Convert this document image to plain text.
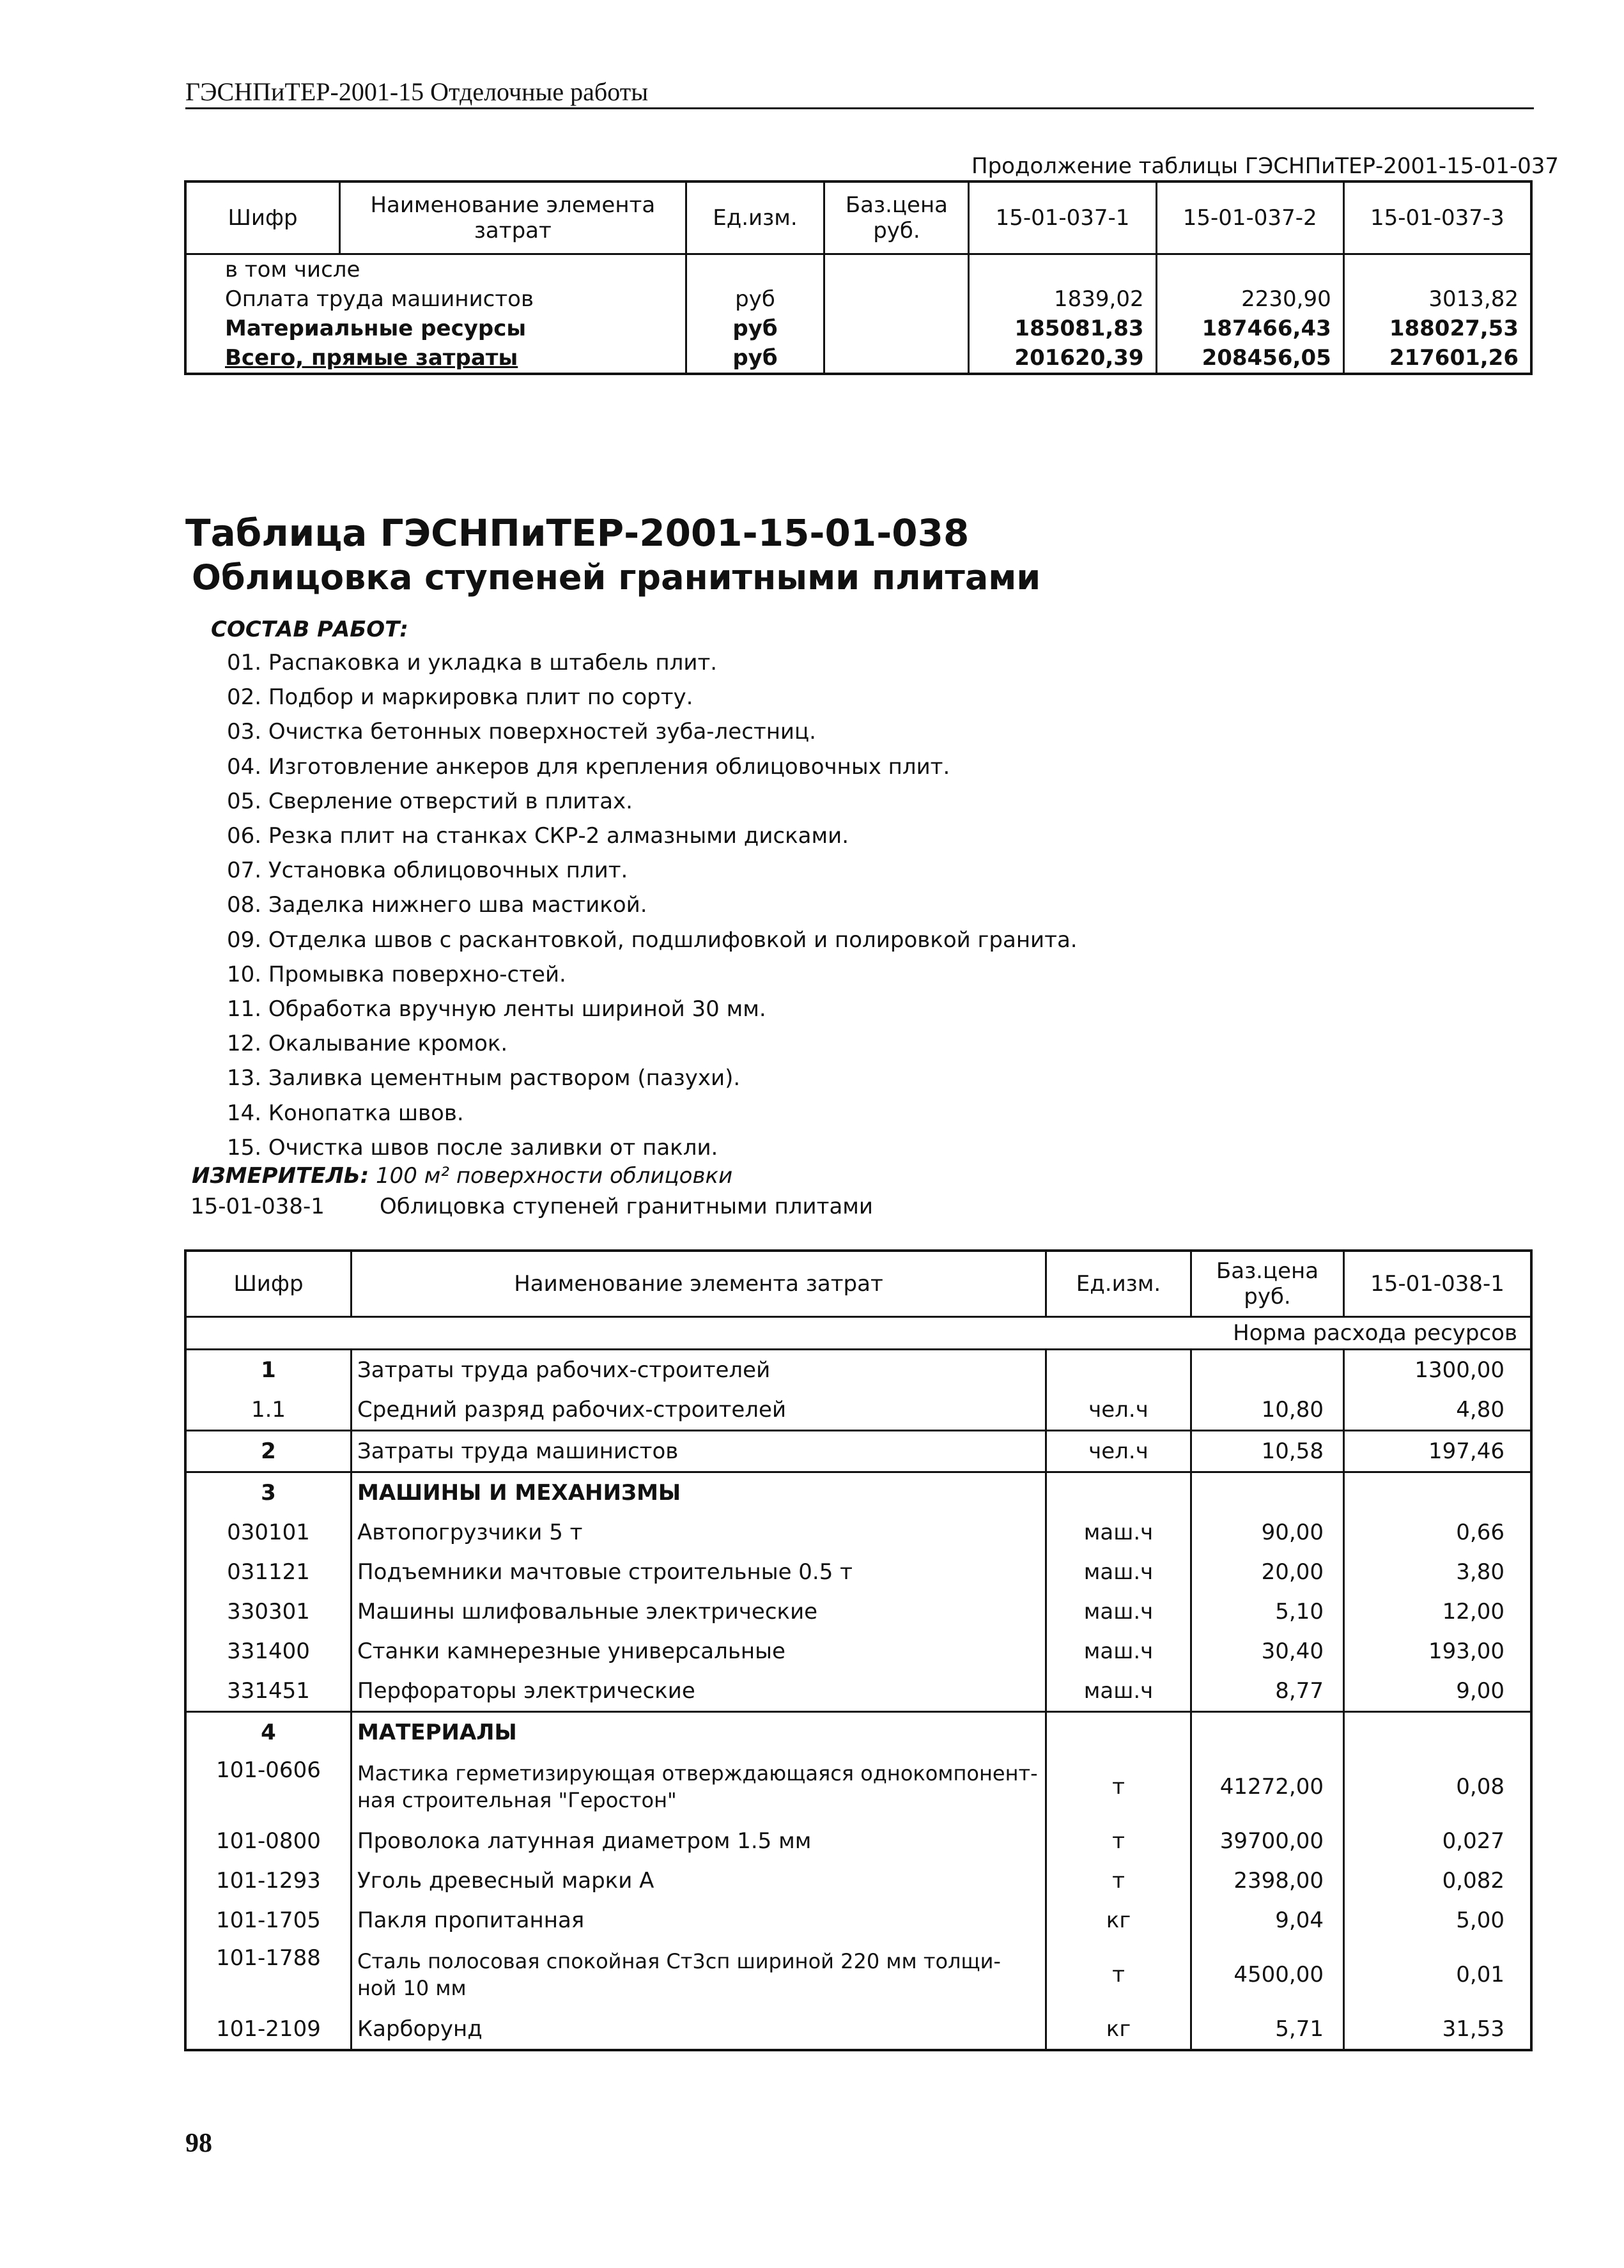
ГЭСНПиТЕР-2001-15 Отделочные работы
Продолжение таблицы ГЭСНПиТЕР-2001-15-01-037
Шифр	Наименование элемента затрат	Ед.изм.	Баз.цена руб.	15-01-037-1	15-01-037-2	15-01-037-3
в том числе						
Оплата труда машинистов		руб		1839,02	2230,90	3013,82
Материальные ресурсы		руб		185081,83	187466,43	188027,53
Всего, прямые затраты		руб		201620,39	208456,05	217601,26
Таблица ГЭСНПиТЕР-2001-15-01-038
Облицовка ступеней гранитными плитами
СОСТАВ РАБОТ:
01. Распаковка и укладка в штабель плит.
02. Подбор и маркировка плит по сорту.
03. Очистка бетонных поверхностей зуба-лестниц.
04. Изготовление анкеров для крепления облицовочных плит.
05. Сверление отверстий в плитах.
06. Резка плит на станках СКР-2 алмазными дисками.
07. Установка облицовочных плит.
08. Заделка нижнего шва мастикой.
09. Отделка швов с раскантовкой, подшлифовкой и полировкой гранита.
10. Промывка поверхно-стей.
11. Обработка вручную ленты шириной 30 мм.
12. Окалывание кромок.
13. Заливка цементным раствором (пазухи).
14. Конопатка швов.
15. Очистка швов после заливки от пакли.
ИЗМЕРИТЕЛЬ: 100 м² поверхности облицовки
15-01-038-1	Облицовка ступеней гранитными плитами
Шифр	Наименование элемента затрат	Ед.изм.	Баз.цена руб.	15-01-038-1
Норма расхода ресурсов				
1	Затраты труда рабочих-строителей			1300,00
1.1	Средний разряд рабочих-строителей	чел.ч	10,80	4,80
2	Затраты труда машинистов	чел.ч	10,58	197,46
3	МАШИНЫ И МЕХАНИЗМЫ			
030101	Автопогрузчики 5 т	маш.ч	90,00	0,66
031121	Подъемники мачтовые строительные 0.5 т	маш.ч	20,00	3,80
330301	Машины шлифовальные электрические	маш.ч	5,10	12,00
331400	Станки камнерезные универсальные	маш.ч	30,40	193,00
331451	Перфораторы электрические	маш.ч	8,77	9,00
4	МАТЕРИАЛЫ			
101-0606	Мастика герметизирующая отверждающаяся однокомпонент-ная строительная "Героcтон"	т	41272,00	0,08
101-0800	Проволока латунная диаметром 1.5 мм	т	39700,00	0,027
101-1293	Уголь древесный марки А	т	2398,00	0,082
101-1705	Пакля пропитанная	кг	9,04	5,00
101-1788	Сталь полосовая спокойная Ст3сп шириной 220 мм толщи-ной 10 мм	т	4500,00	0,01
101-2109	Карборунд	кг	5,71	31,53
98
